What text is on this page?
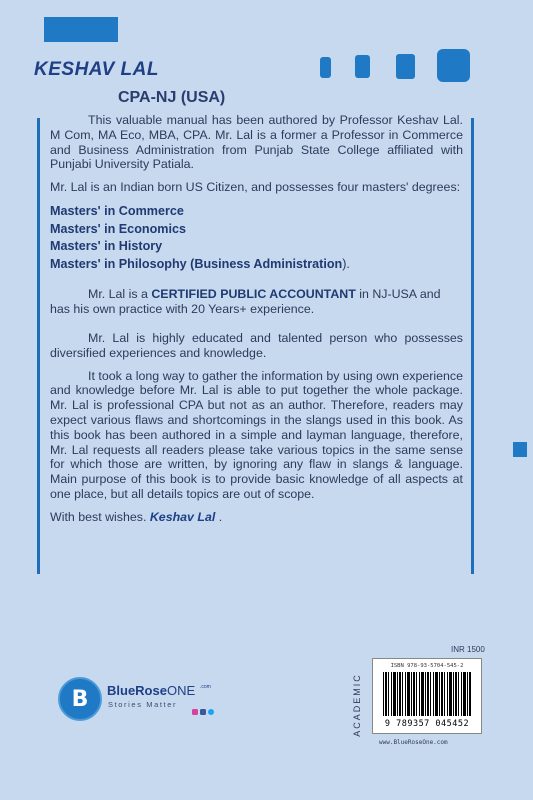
KESHAV LAL
CPA-NJ (USA)

This valuable manual has been authored by Professor Keshav Lal. M Com, MA Eco, MBA, CPA. Mr. Lal is a former a Professor in Commerce and Business Administration from Punjab State College affiliated with Punjabi University Patiala.

Mr. Lal is an Indian born US Citizen, and possesses four masters' degrees:

Masters' in Commerce
Masters' in Economics
Masters' in History
Masters' in Philosophy (Business Administration).

Mr. Lal is a CERTIFIED PUBLIC ACCOUNTANT in NJ-USA and has his own practice with 20 Years+ experience.

Mr. Lal is highly educated and talented person who possesses diversified experiences and knowledge.

It took a long way to gather the information by using own experience and knowledge before Mr. Lal is able to put together the whole package. Mr. Lal is professional CPA but not as an author. Therefore, readers may expect various flaws and shortcomings in the slangs used in this book. As this book has been authored in a simple and layman language, therefore, Mr. Lal requests all readers please take various topics in the same sense for which those are written, by ignoring any flaw in slangs & language. Main purpose of this book is to provide basic knowledge of all aspects at one place, but all details topics are out of scope.

With best wishes. Keshav Lal .

B BlueRoseONE .com
Stories Matter
INR 1500
ACADEMIC
ISBN 978-93-5704-545-2
9 789357 045452
www.BlueRoseOne.com
